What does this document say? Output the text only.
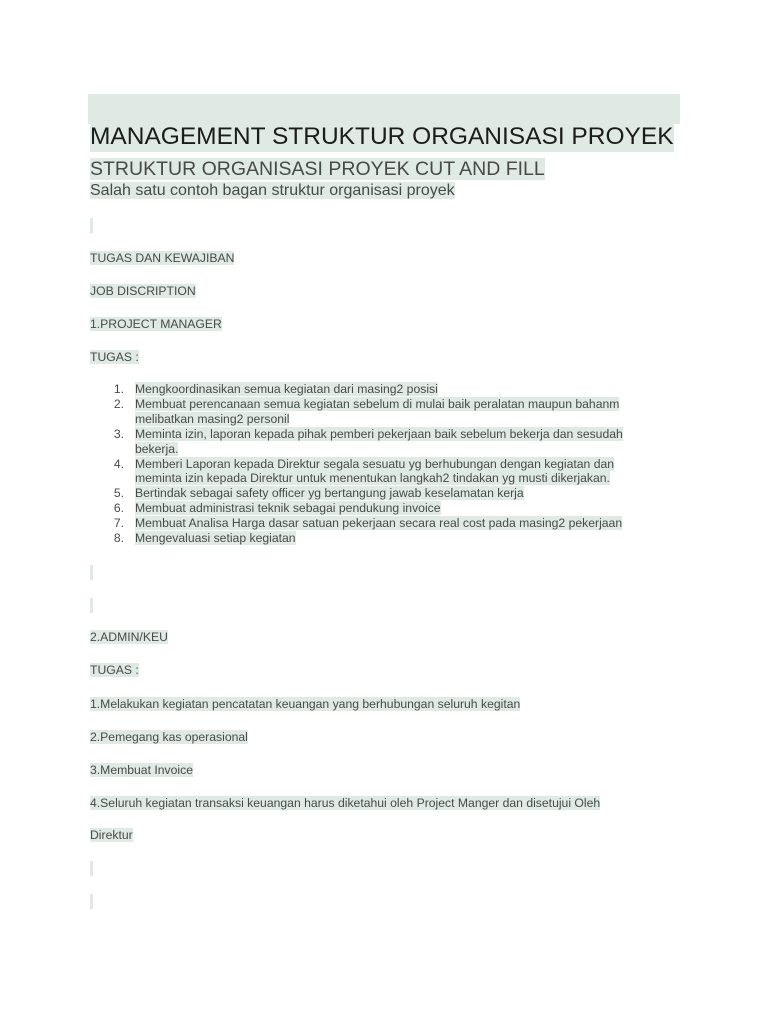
MANAGEMENT STRUKTUR ORGANISASI PROYEK
STRUKTUR ORGANISASI PROYEK CUT AND FILL

Salah satu contoh bagan struktur organisasi proyek

TUGAS DAN KEWAJIBAN

JOB DISCRIPTION

1.PROJECT MANAGER

TUGAS :

1. Mengkoordinasikan semua kegiatan dari masing2 posisi
2. Membuat perencanaan semua kegiatan sebelum di mulai baik peralatan maupun bahanm melibatkan masing2 personil
3. Meminta izin, laporan kepada pihak pemberi pekerjaan baik sebelum bekerja dan sesudah bekerja.
4. Memberi Laporan kepada Direktur segala sesuatu yg berhubungan dengan kegiatan dan meminta izin kepada Direktur untuk menentukan langkah2 tindakan yg musti dikerjakan.
5. Bertindak sebagai safety officer yg bertangung jawab keselamatan kerja
6. Membuat administrasi teknik sebagai pendukung invoice
7. Membuat Analisa Harga dasar satuan pekerjaan secara real cost pada masing2 pekerjaan
8. Mengevaluasi setiap kegiatan

2.ADMIN/KEU

TUGAS :

1.Melakukan kegiatan pencatatan keuangan yang berhubungan seluruh kegitan

2.Pemegang kas operasional

3.Membuat Invoice

4.Seluruh kegiatan transaksi keuangan harus diketahui oleh Project Manger dan disetujui Oleh

Direktur
